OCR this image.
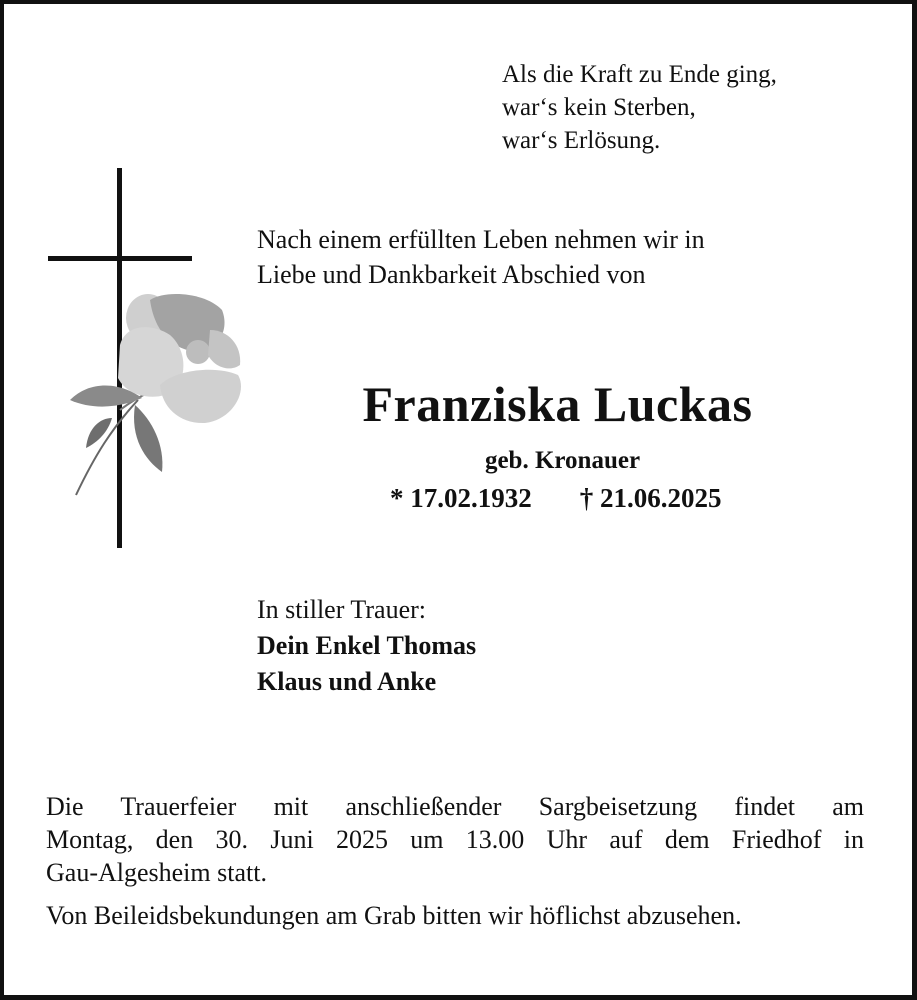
Als die Kraft zu Ende ging,
war‘s kein Sterben,
war‘s Erlösung.
Nach einem erfüllten Leben nehmen wir in
Liebe und Dankbarkeit Abschied von
Franziska Luckas
geb. Kronauer
* 17.02.1932 † 21.06.2025
In stiller Trauer:
Dein Enkel Thomas
Klaus und Anke
Die Trauerfeier mit anschließender Sargbeisetzung findet am
Montag, den 30. Juni 2025 um 13.00 Uhr auf dem Friedhof in
Gau-Algesheim statt.
Von Beileidsbekundungen am Grab bitten wir höflichst abzusehen.
